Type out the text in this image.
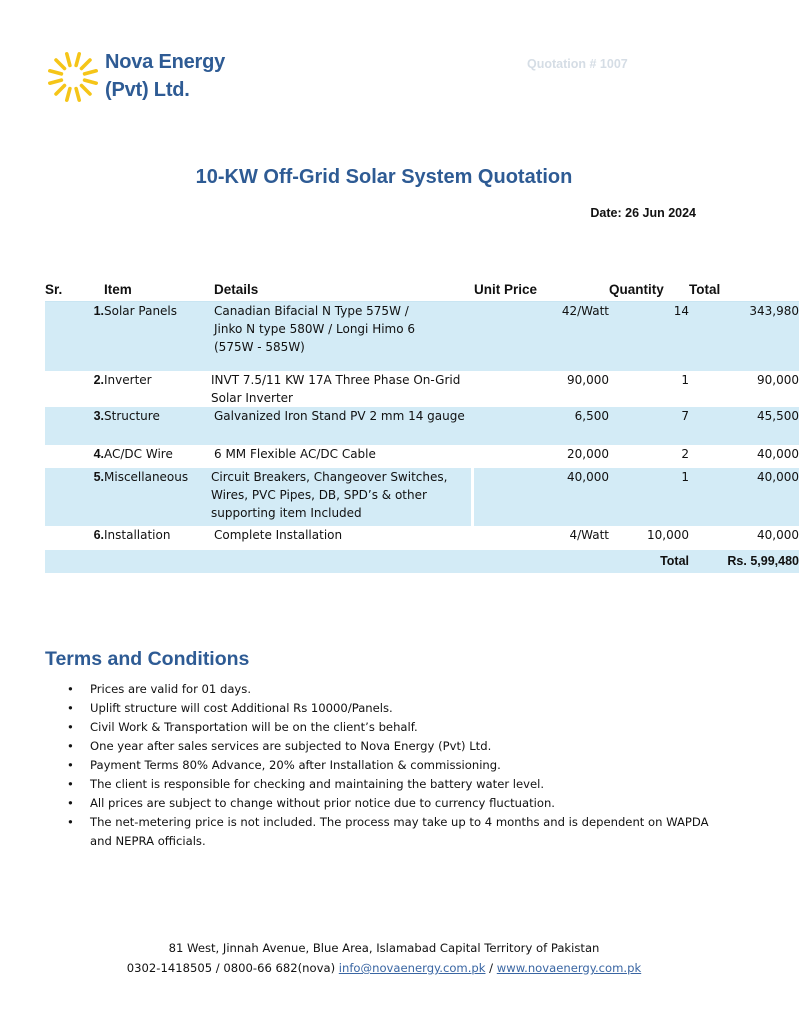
Nova Energy
(Pvt) Ltd.
Quotation # 1007
10-KW Off-Grid Solar System Quotation
Date: 26 Jun 2024
Sr.	Item	Details	Unit Price	Quantity	Total
1.	Solar Panels	Canadian Bifacial N Type 575W /
Jinko N type 580W / Longi Himo 6
(575W - 585W)	42/Watt	14	343,980
2.	Inverter	INVT 7.5/11 KW 17A Three Phase On-Grid
Solar Inverter	90,000	1	90,000
3.	Structure	Galvanized Iron Stand PV 2 mm 14 gauge	6,500	7	45,500
4.	AC/DC Wire	6 MM Flexible AC/DC Cable	20,000	2	40,000
5.	Miscellaneous	Circuit Breakers, Changeover Switches,
Wires, PVC Pipes, DB, SPD’s & other
supporting item Included	40,000	1	40,000
6.	Installation	Complete Installation	4/Watt	10,000	40,000
				Total	Rs. 5,99,480
Terms and Conditions
• Prices are valid for 01 days.
• Uplift structure will cost Additional Rs 10000/Panels.
• Civil Work & Transportation will be on the client’s behalf.
• One year after sales services are subjected to Nova Energy (Pvt) Ltd.
• Payment Terms 80% Advance, 20% after Installation & commissioning.
• The client is responsible for checking and maintaining the battery water level.
• All prices are subject to change without prior notice due to currency fluctuation.
• The net-metering price is not included. The process may take up to 4 months and is dependent on WAPDA and NEPRA officials.
81 West, Jinnah Avenue, Blue Area, Islamabad Capital Territory of Pakistan
0302-1418505 / 0800-66 682(nova) info@novaenergy.com.pk / www.novaenergy.com.pk
